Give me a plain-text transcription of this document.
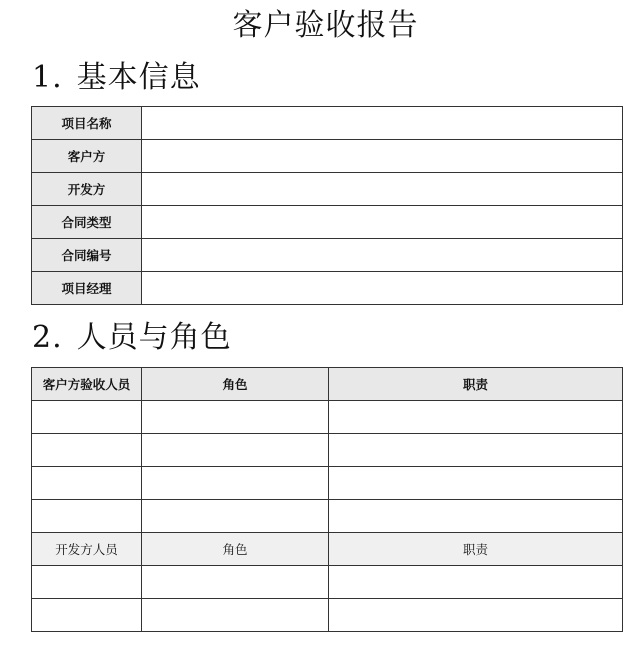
客户验收报告
1. 基本信息
项目名称	
客户方	
开发方	
合同类型	
合同编号	
项目经理	
2. 人员与角色
客户方验收人员	角色	职责

开发方人员	角色	职责
